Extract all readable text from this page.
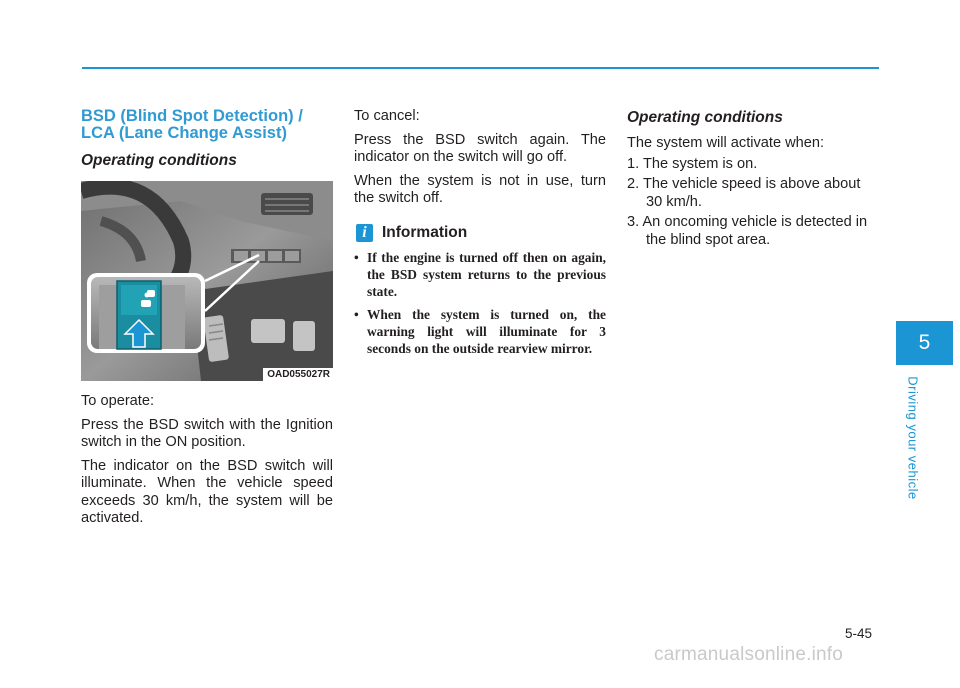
BSD (Blind Spot Detection) /
LCA (Lane Change Assist)
Operating conditions
OAD055027R

To operate:

Press the BSD switch with the Ignition switch in the ON position.

The indicator on the BSD switch will illuminate. When the vehicle speed exceeds 30 km/h, the system will be activated.

To cancel:

Press the BSD switch again. The indicator on the switch will go off.

When the system is not in use, turn the switch off.

i Information
• If the engine is turned off then on again, the BSD system returns to the previous state.
• When the system is turned on, the warning light will illuminate for 3 seconds on the outside rearview mirror.
Operating conditions

The system will activate when:

1. The system is on.

2. The vehicle speed is above about 30 km/h.

3. An oncoming vehicle is detected in the blind spot area.

5
Driving your vehicle
5-45
carmanualsonline.info
